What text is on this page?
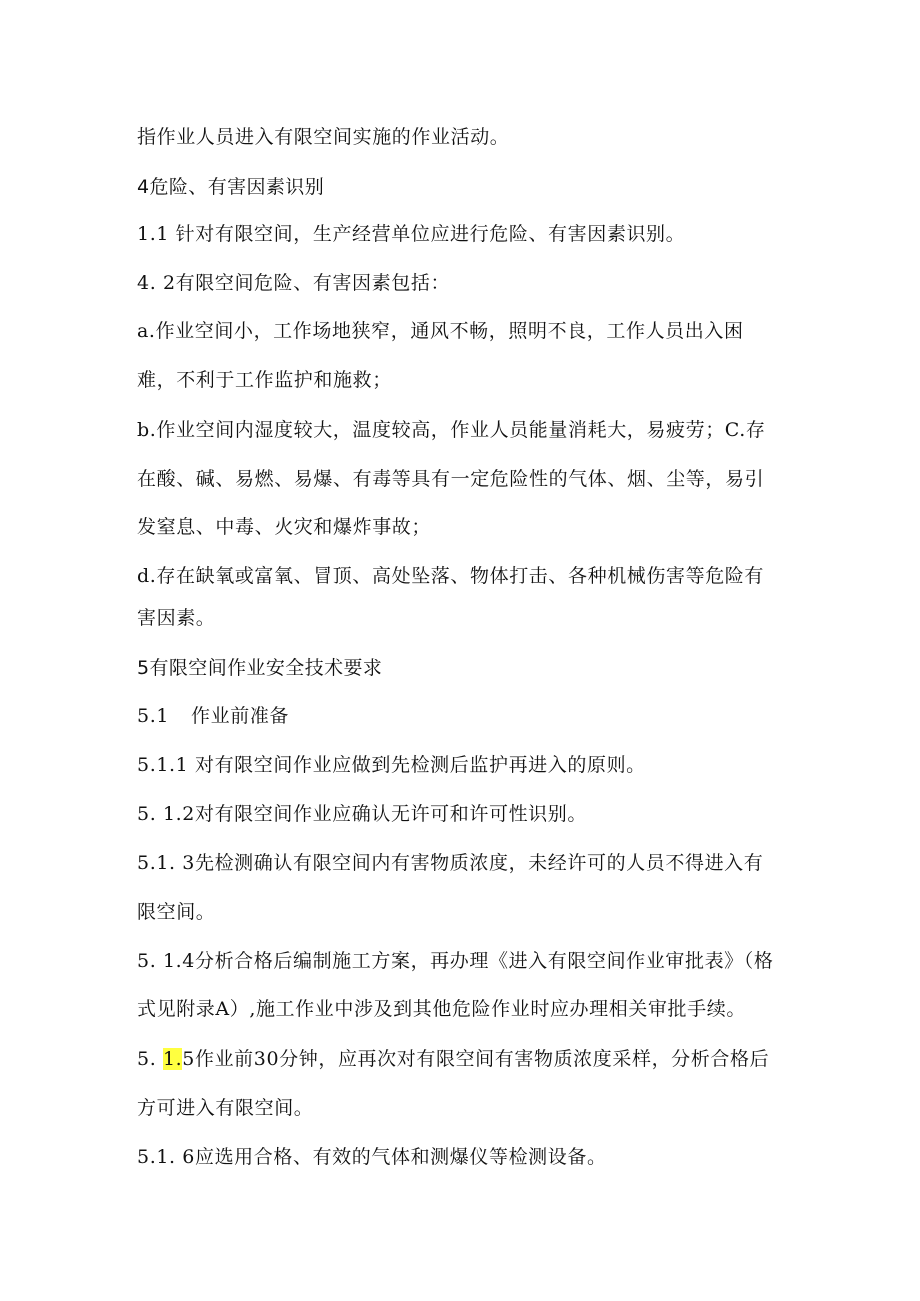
指作业人员进入有限空间实施的作业活动。
4危险、有害因素识别
1.1 针对有限空间，生产经营单位应进行危险、有害因素识别。
4. 2有限空间危险、有害因素包括：
a.作业空间小，工作场地狭窄，通风不畅，照明不良，工作人员出入困
难，不利于工作监护和施救；
b.作业空间内湿度较大，温度较高，作业人员能量消耗大，易疲劳；C.存
在酸、碱、易燃、易爆、有毒等具有一定危险性的气体、烟、尘等，易引
发窒息、中毒、火灾和爆炸事故；
d.存在缺氧或富氧、冒顶、高处坠落、物体打击、各种机械伤害等危险有
害因素。
5有限空间作业安全技术要求
5.1 作业前准备
5.1.1 对有限空间作业应做到先检测后监护再进入的原则。
5. 1.2对有限空间作业应确认无许可和许可性识别。
5.1. 3先检测确认有限空间内有害物质浓度，未经许可的人员不得进入有
限空间。
5. 1.4分析合格后编制施工方案，再办理《进入有限空间作业审批表》（格
式见附录A）,施工作业中涉及到其他危险作业时应办理相关审批手续。
5. 1.5作业前30分钟，应再次对有限空间有害物质浓度采样，分析合格后
方可进入有限空间。
5.1. 6应选用合格、有效的气体和测爆仪等检测设备。
